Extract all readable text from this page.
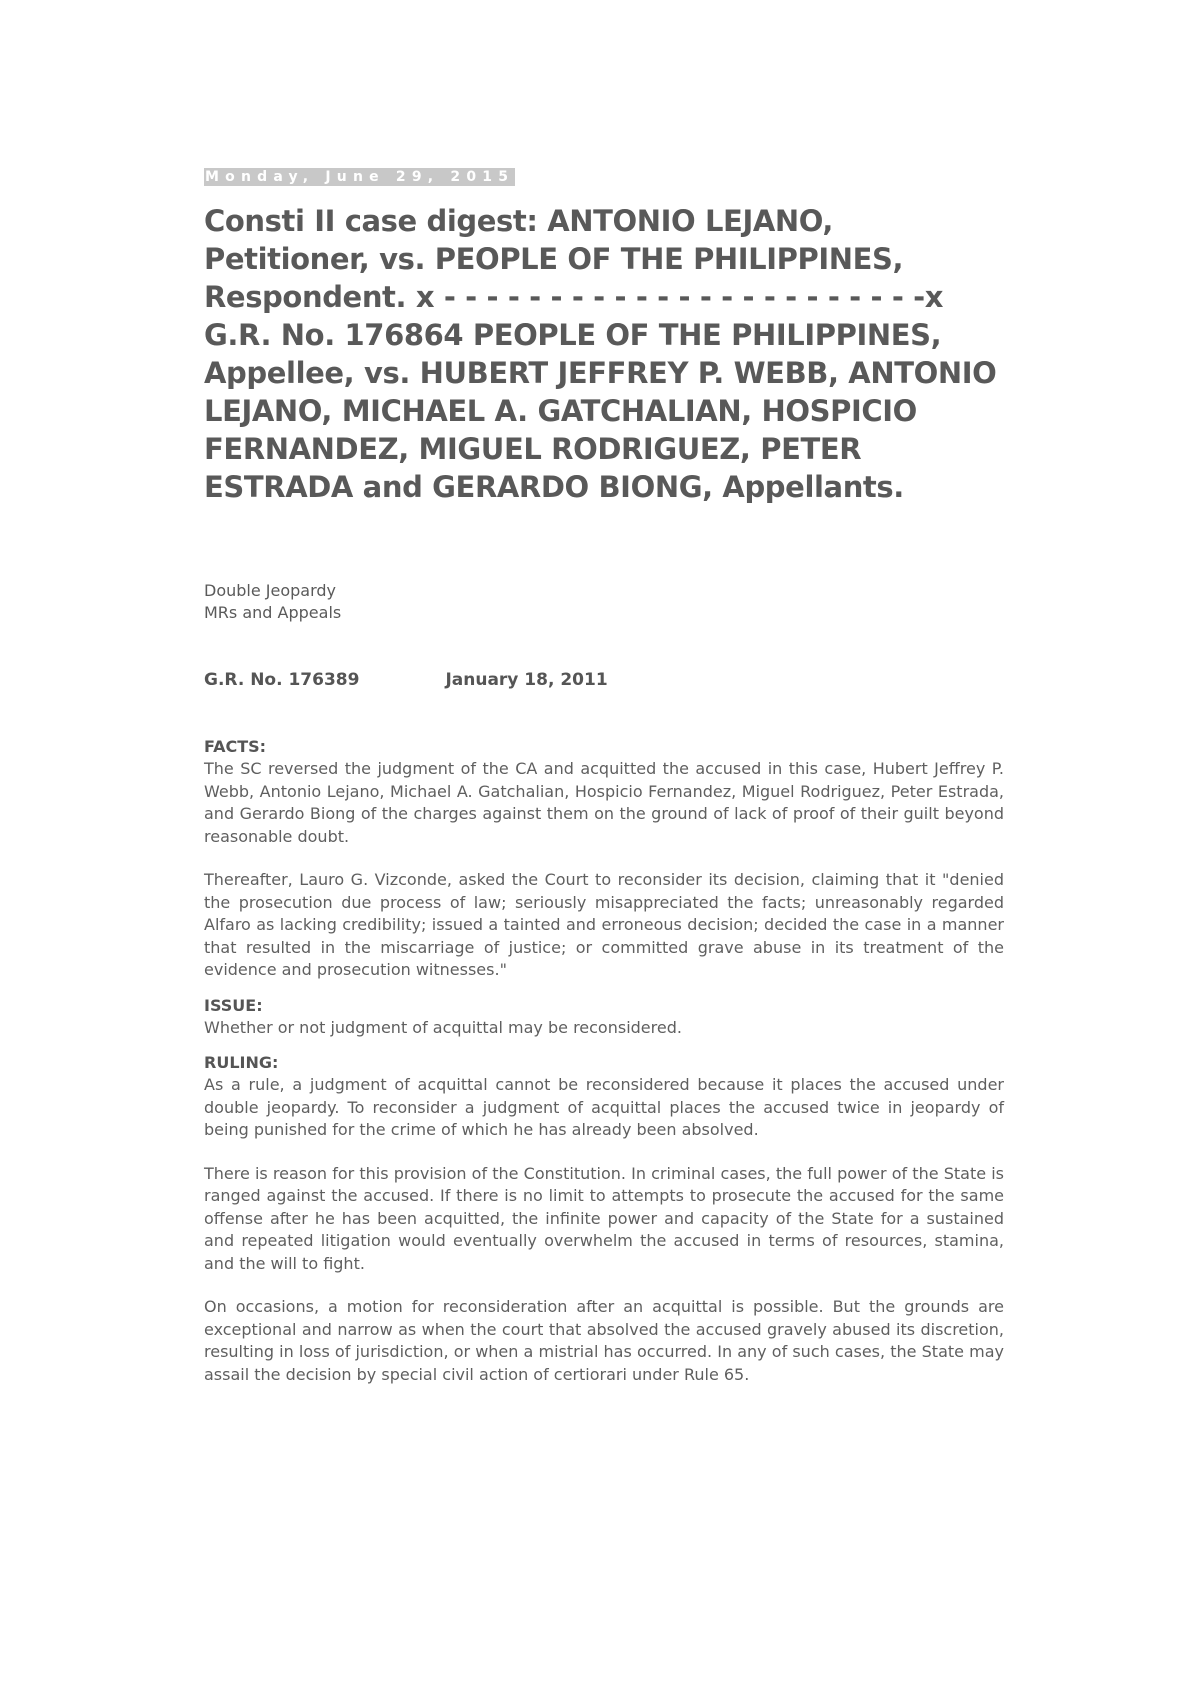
Monday, June 29, 2015
Consti II case digest: ANTONIO LEJANO, Petitioner, vs. PEOPLE OF THE PHILIPPINES, Respondent. x - - - - - - - - - - - - - - - - - - - - - - -x G.R. No. 176864 PEOPLE OF THE PHILIPPINES, Appellee, vs. HUBERT JEFFREY P. WEBB, ANTONIO LEJANO, MICHAEL A. GATCHALIAN, HOSPICIO FERNANDEZ, MIGUEL RODRIGUEZ, PETER ESTRADA and GERARDO BIONG, Appellants.
Double Jeopardy
MRs and Appeals
G.R. No. 176389	January 18, 2011
FACTS:

The SC reversed the judgment of the CA and acquitted the accused in this case, Hubert Jeffrey P. Webb, Antonio Lejano, Michael A. Gatchalian, Hospicio Fernandez, Miguel Rodriguez, Peter Estrada, and Gerardo Biong of the charges against them on the ground of lack of proof of their guilt beyond reasonable doubt.

Thereafter, Lauro G. Vizconde, asked the Court to reconsider its decision, claiming that it "denied the prosecution due process of law; seriously misappreciated the facts; unreasonably regarded Alfaro as lacking credibility; issued a tainted and erroneous decision; decided the case in a manner that resulted in the miscarriage of justice; or committed grave abuse in its treatment of the evidence and prosecution witnesses."

ISSUE:

Whether or not judgment of acquittal may be reconsidered.

RULING:

As a rule, a judgment of acquittal cannot be reconsidered because it places the accused under double jeopardy. To reconsider a judgment of acquittal places the accused twice in jeopardy of being punished for the crime of which he has already been absolved.

There is reason for this provision of the Constitution. In criminal cases, the full power of the State is ranged against the accused. If there is no limit to attempts to prosecute the accused for the same offense after he has been acquitted, the infinite power and capacity of the State for a sustained and repeated litigation would eventually overwhelm the accused in terms of resources, stamina, and the will to fight.

On occasions, a motion for reconsideration after an acquittal is possible. But the grounds are exceptional and narrow as when the court that absolved the accused gravely abused its discretion, resulting in loss of jurisdiction, or when a mistrial has occurred. In any of such cases, the State may assail the decision by special civil action of certiorari under Rule 65.
